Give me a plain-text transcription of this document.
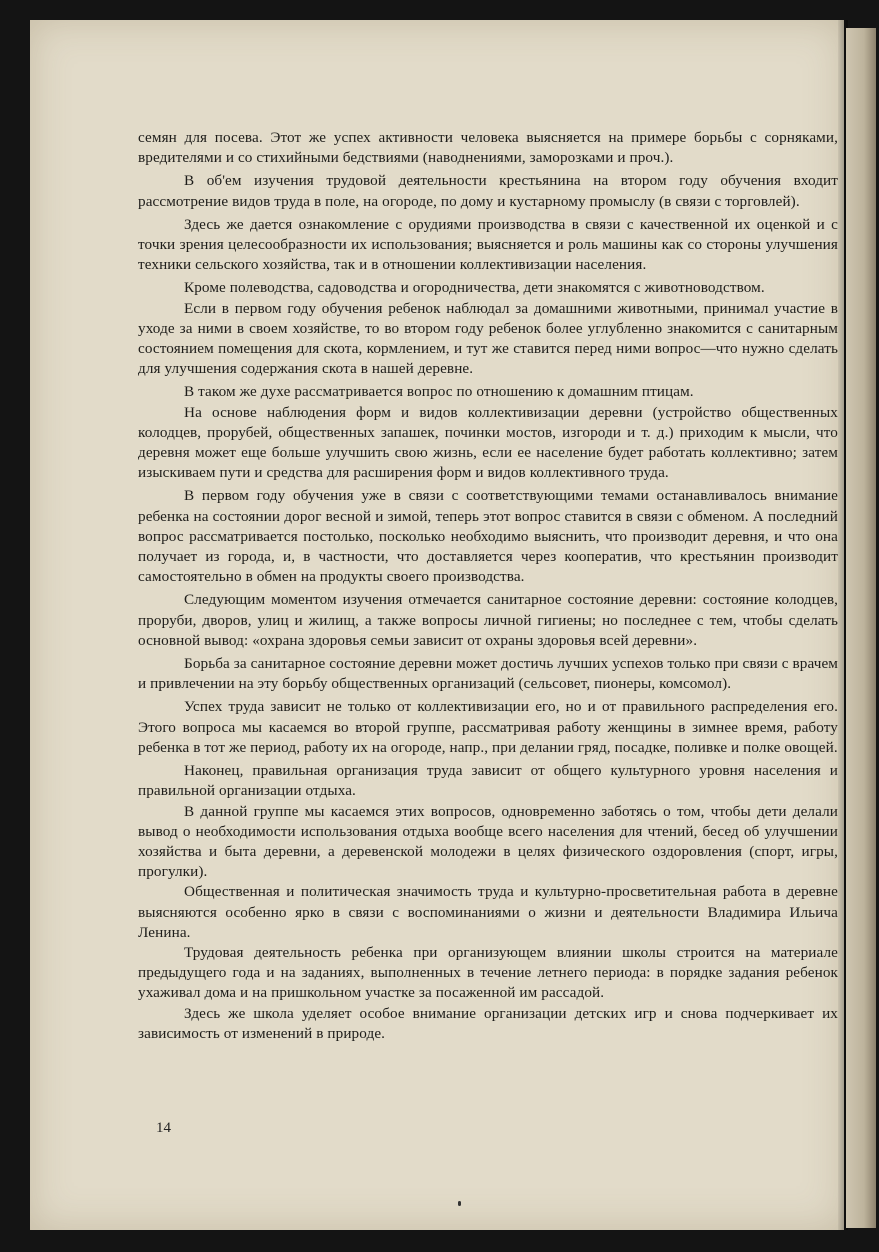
семян для посева. Этот же успех активности человека выясняется на примере борьбы с сорняками, вредителями и со стихийными бедствиями (наводнениями, заморозками и проч.).

В об'ем изучения трудовой деятельности крестьянина на втором году обучения входит рассмотрение видов труда в поле, на огороде, по дому и кустарному промыслу (в связи с торговлей).

Здесь же дается ознакомление с орудиями производства в связи с качественной их оценкой и с точки зрения целесообразности их использования; выясняется и роль машины как со стороны улучшения техники сельского хозяйства, так и в отношении коллективизации населения.

Кроме полеводства, садоводства и огородничества, дети знакомятся с животноводством.

Если в первом году обучения ребенок наблюдал за домашними животными, принимал участие в уходе за ними в своем хозяйстве, то во втором году ребенок более углубленно знакомится с санитарным состоянием помещения для скота, кормлением, и тут же ставится перед ними вопрос—что нужно сделать для улучшения содержания скота в нашей деревне.

В таком же духе рассматривается вопрос по отношению к домашним птицам.

На основе наблюдения форм и видов коллективизации деревни (устройство общественных колодцев, прорубей, общественных запашек, починки мостов, изгороди и т. д.) приходим к мысли, что деревня может еще больше улучшить свою жизнь, если ее население будет работать коллективно; затем изыскиваем пути и средства для расширения форм и видов коллективного труда.

В первом году обучения уже в связи с соответствующими темами останавливалось внимание ребенка на состоянии дорог весной и зимой, теперь этот вопрос ставится в связи с обменом. А последний вопрос рассматривается постолько, посколько необходимо выяснить, что производит деревня, и что она получает из города, и, в частности, что доставляется через кооператив, что крестьянин производит самостоятельно в обмен на продукты своего производства.

Следующим моментом изучения отмечается санитарное состояние деревни: состояние колодцев, проруби, дворов, улиц и жилищ, а также вопросы личной гигиены; но последнее с тем, чтобы сделать основной вывод: «охрана здоровья семьи зависит от охраны здоровья всей деревни».

Борьба за санитарное состояние деревни может достичь лучших успехов только при связи с врачем и привлечении на эту борьбу общественных организаций (сельсовет, пионеры, комсомол).

Успех труда зависит не только от коллективизации его, но и от правильного распределения его. Этого вопроса мы касаемся во второй группе, рассматривая работу женщины в зимнее время, работу ребенка в тот же период, работу их на огороде, напр., при делании гряд, посадке, поливке и полке овощей.

Наконец, правильная организация труда зависит от общего культурного уровня населения и правильной организации отдыха.

В данной группе мы касаемся этих вопросов, одновременно заботясь о том, чтобы дети делали вывод о необходимости использования отдыха вообще всего населения для чтений, бесед об улучшении хозяйства и быта деревни, а деревенской молодежи в целях физического оздоровления (спорт, игры, прогулки).

Общественная и политическая значимость труда и культурно-просветительная работа в деревне выясняются особенно ярко в связи с воспоминаниями о жизни и деятельности Владимира Ильича Ленина.

Трудовая деятельность ребенка при организующем влиянии школы строится на материале предыдущего года и на заданиях, выполненных в течение летнего периода: в порядке задания ребенок ухаживал дома и на пришкольном участке за посаженной им рассадой.

Здесь же школа уделяет особое внимание организации детских игр и снова подчеркивает их зависимость от изменений в природе.

14
